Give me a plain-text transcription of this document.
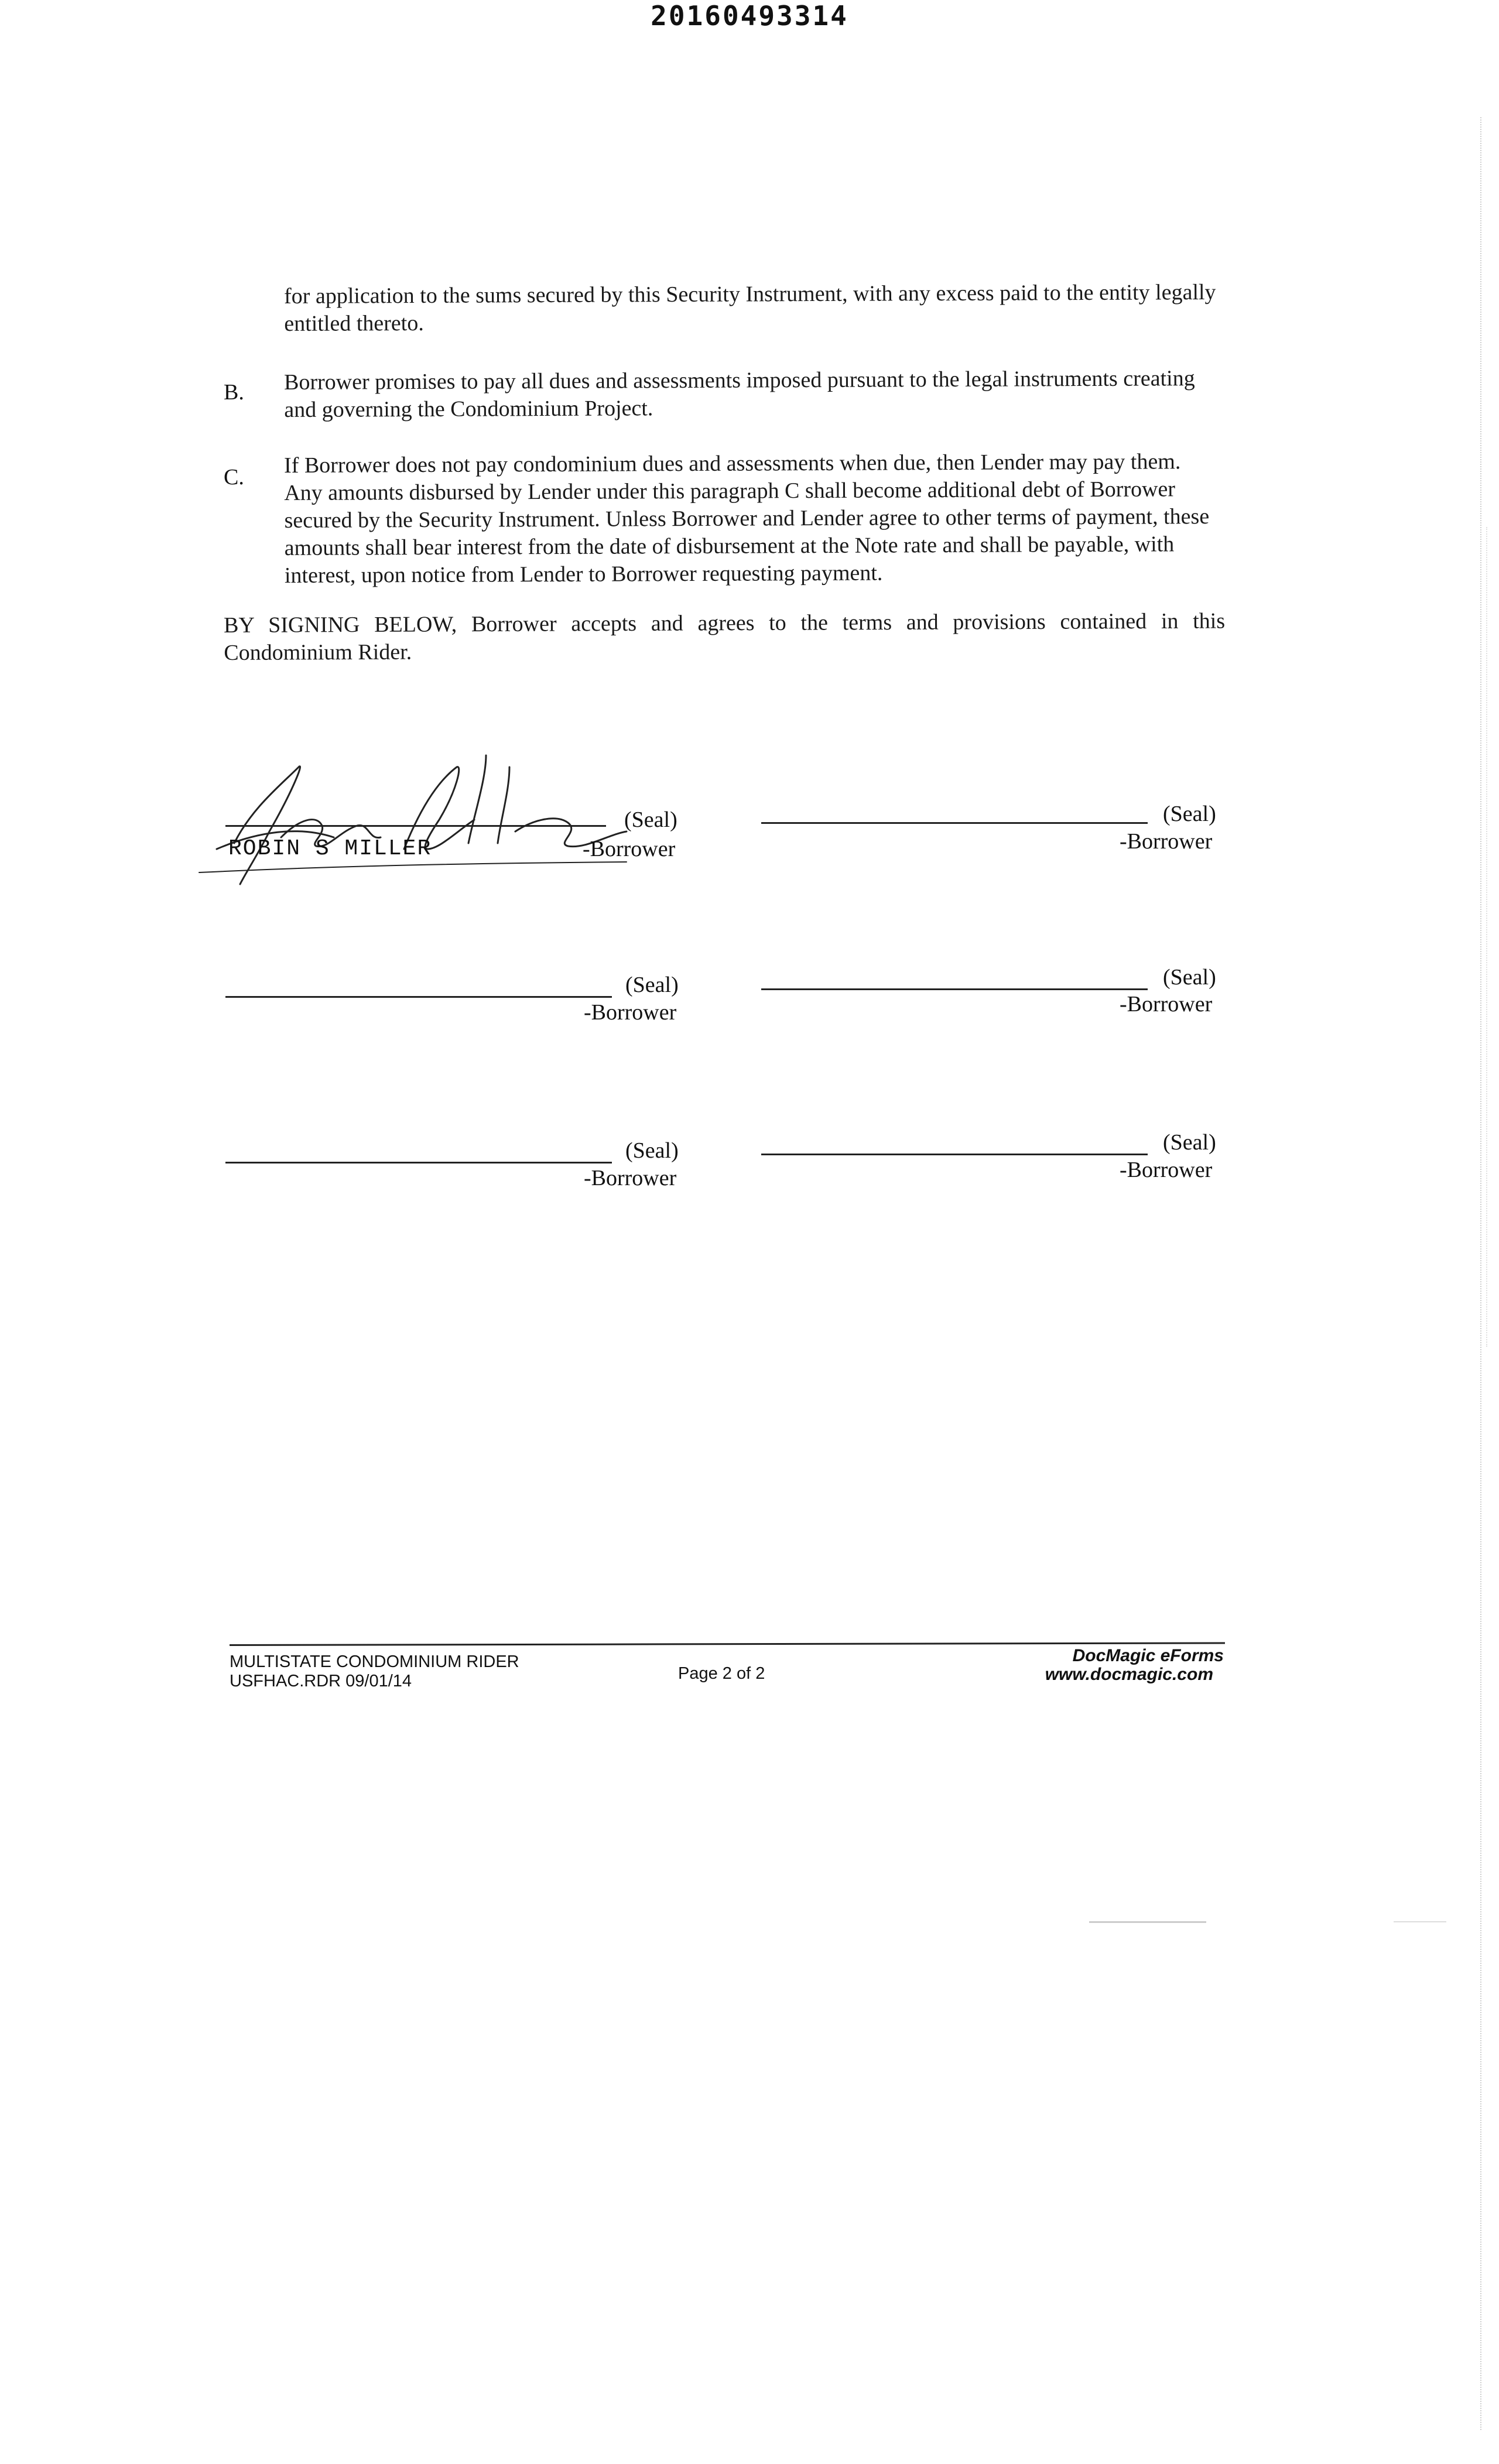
20160493314
for application to the sums secured by this Security Instrument, with any excess paid to the entity legally entitled thereto.
B. Borrower promises to pay all dues and assessments imposed pursuant to the legal instruments creating and governing the Condominium Project.
C. If Borrower does not pay condominium dues and assessments when due, then Lender may pay them. Any amounts disbursed by Lender under this paragraph C shall become additional debt of Borrower secured by the Security Instrument. Unless Borrower and Lender agree to other terms of payment, these amounts shall bear interest from the date of disbursement at the Note rate and shall be payable, with interest, upon notice from Lender to Borrower requesting payment.
BY SIGNING BELOW, Borrower accepts and agrees to the terms and provisions contained in this Condominium Rider.
(Seal)
ROBIN S MILLER	-Borrower
(Seal)
-Borrower
(Seal)
-Borrower
(Seal)
-Borrower
(Seal)
-Borrower
(Seal)
-Borrower
MULTISTATE CONDOMINIUM RIDER
USFHAC.RDR 09/01/14	Page 2 of 2
DocMagic eForms
www.docmagic.com
